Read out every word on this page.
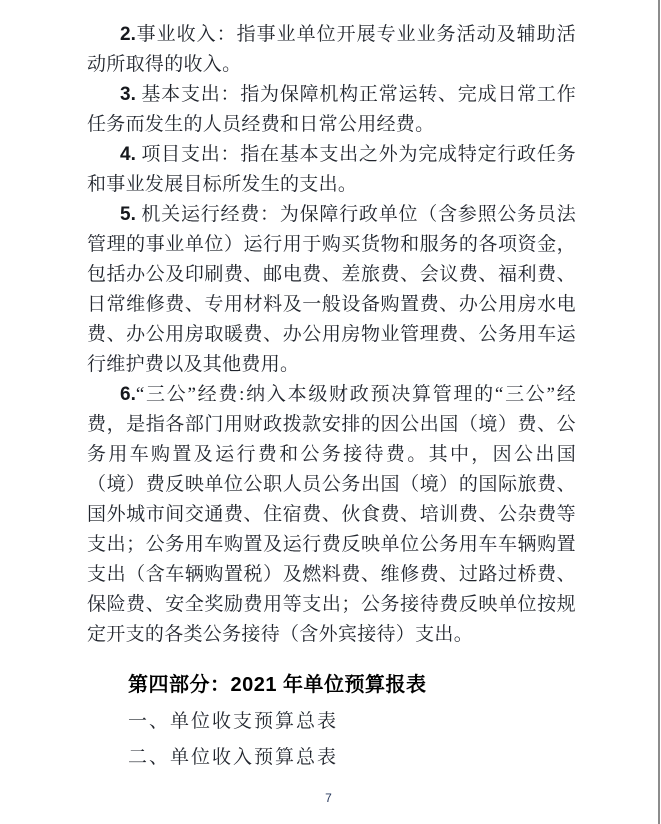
2.事业收入：指事业单位开展专业业务活动及辅助活动所取得的收入。

3. 基本支出：指为保障机构正常运转、完成日常工作任务而发生的人员经费和日常公用经费。

4. 项目支出：指在基本支出之外为完成特定行政任务和事业发展目标所发生的支出。

5. 机关运行经费：为保障行政单位（含参照公务员法管理的事业单位）运行用于购买货物和服务的各项资金，包括办公及印刷费、邮电费、差旅费、会议费、福利费、日常维修费、专用材料及一般设备购置费、办公用房水电费、办公用房取暖费、办公用房物业管理费、公务用车运行维护费以及其他费用。

6.“三公”经费:纳入本级财政预决算管理的“三公”经费，是指各部门用财政拨款安排的因公出国（境）费、公务用车购置及运行费和公务接待费。其中，因公出国（境）费反映单位公职人员公务出国（境）的国际旅费、国外城市间交通费、住宿费、伙食费、培训费、公杂费等支出；公务用车购置及运行费反映单位公务用车车辆购置支出（含车辆购置税）及燃料费、维修费、过路过桥费、保险费、安全奖励费用等支出；公务接待费反映单位按规定开支的各类公务接待（含外宾接待）支出。

第四部分：2021 年单位预算报表
一、单位收支预算总表
二、单位收入预算总表
7
